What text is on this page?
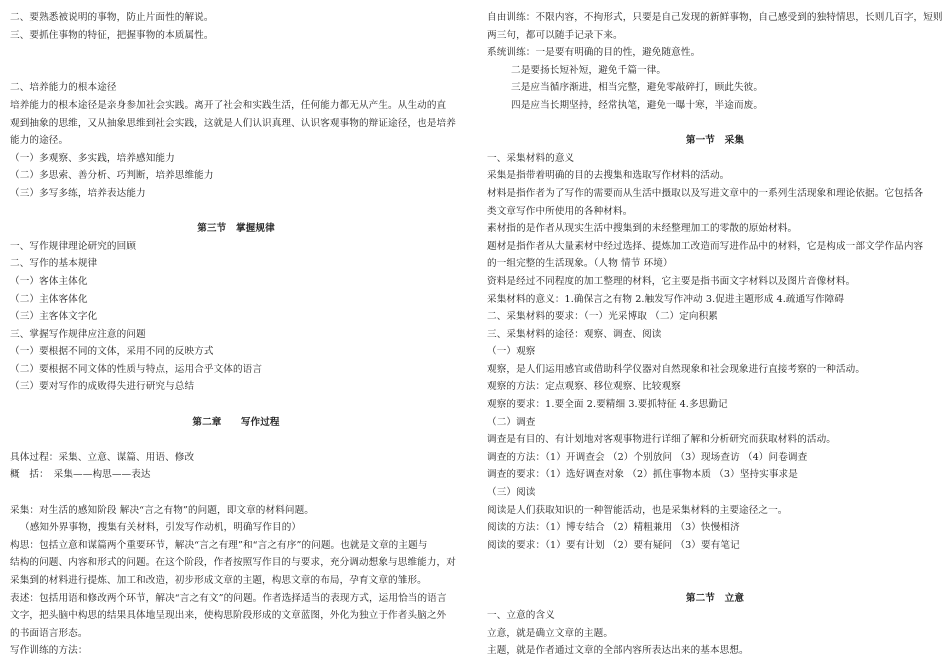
二、要熟悉被说明的事物，防止片面性的解说。
三、要抓住事物的特征，把握事物的本质属性。
二、培养能力的根本途径
培养能力的根本途径是亲身参加社会实践。离开了社会和实践生活，任何能力都无从产生。从生动的直
观到抽象的思维，又从抽象思维到社会实践，这就是人们认识真理、认识客观事物的辩证途径，也是培养
能力的途径。
（一）多观察、多实践，培养感知能力
（二）多思索、善分析、巧判断，培养思维能力
（三）多写多练，培养表达能力
第三节　掌握规律
一、写作规律理论研究的回顾
二、写作的基本规律
（一）客体主体化
（二）主体客体化
（三）主客体文字化
三、掌握写作规律应注意的问题
（一）要根据不同的文体，采用不同的反映方式
（二）要根据不同文体的性质与特点，运用合乎文体的语言
（三）要对写作的成败得失进行研究与总结
第二章　　写作过程
具体过程：采集、立意、谋篇、用语、修改
概　括：　采集——构思——表达
采集：对生活的感知阶段 解决“言之有物”的问题，即文章的材料问题。
（感知外界事物，搜集有关材料，引发写作动机，明确写作目的）
构思：包括立意和谋篇两个重要环节，解决“言之有理”和“言之有序”的问题。也就是文章的主题与
结构的问题、内容和形式的问题。在这个阶段，作者按照写作目的与要求，充分调动想象与思维能力，对
采集到的材料进行提炼、加工和改造，初步形成文章的主题，构思文章的布局，孕育文章的雏形。
表述：包括用语和修改两个环节，解决“言之有文”的问题。作者选择适当的表现方式，运用恰当的语言
文字，把头脑中构思的结果具体地呈现出来，使构思阶段形成的文章蓝图，外化为独立于作者头脑之外
的书面语言形态。
写作训练的方法：
自由训练：不限内容，不拘形式，只要是自己发现的新鲜事物，自己感受到的独特情思，长则几百字，短则
两三句，都可以随手记录下来。
系统训练：一是要有明确的目的性，避免随意性。
二是要扬长短补短，避免千篇一律。
三是应当循序渐进，相当完整，避免零敲碎打，顾此失彼。
四是应当长期坚持，经常执笔，避免一曝十寒，半途而废。
第一节　采集
一、采集材料的意义
采集是指带着明确的目的去搜集和选取写作材料的活动。
材料是指作者为了写作的需要而从生活中摄取以及写进文章中的一系列生活现象和理论依据。它包括各
类文章写作中所使用的各种材料。
素材指的是作者从现实生活中搜集到的未经整理加工的零散的原始材料。
题材是指作者从大量素材中经过选择、提炼加工改造而写进作品中的材料，它是构成一部文学作品内容
的一组完整的生活现象。（人物 情节 环境）
资料是经过不同程度的加工整理的材料，它主要是指书面文字材料以及图片音像材料。
采集材料的意义：1.确保言之有物 2.触发写作冲动 3.促进主题形成 4.疏通写作障碍
二、采集材料的要求：（一）光采博取 （二）定向积累
三、采集材料的途径：观察、调查、阅读
（一）观察
观察，是人们运用感官或借助科学仪器对自然现象和社会现象进行直接考察的一种活动。
观察的方法：定点观察、移位观察、比较观察
观察的要求：1.要全面 2.要精细 3.要抓特征 4.多思勤记
（二）调查
调查是有目的、有计划地对客观事物进行详细了解和分析研究而获取材料的活动。
调查的方法：（1）开调查会 （2）个别放问 （3）现场查访 （4）问卷调查
调查的要求：（1）选好调查对象 （2）抓住事物本质 （3）坚持实事求是
（三）阅读
阅读是人们获取知识的一种智能活动，也是采集材料的主要途径之一。
阅读的方法：（1）博专结合 （2）精粗兼用 （3）快慢相济
阅读的要求：（1）要有计划 （2）要有疑问 （3）要有笔记
第二节　立意
一、立意的含义
立意，就是确立文章的主题。
主题，就是作者通过文章的全部内容所表达出来的基本思想。
